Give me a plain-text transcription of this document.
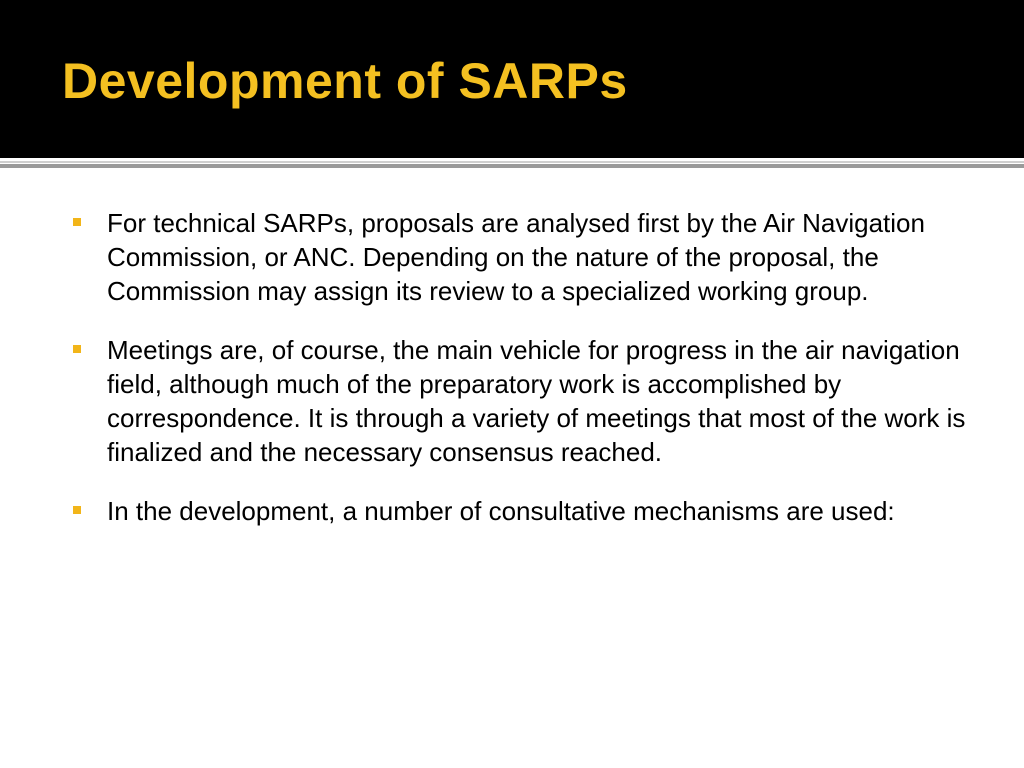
Development of SARPs
For technical SARPs, proposals are analysed first by the Air Navigation Commission, or ANC. Depending on the nature of the proposal, the Commission may assign its review to a specialized working group.
Meetings are, of course, the main vehicle for progress in the air navigation field, although much of the preparatory work is accomplished by correspondence. It is through a variety of meetings that most of the work is finalized and the necessary consensus reached.
In the development, a number of consultative mechanisms are used:
